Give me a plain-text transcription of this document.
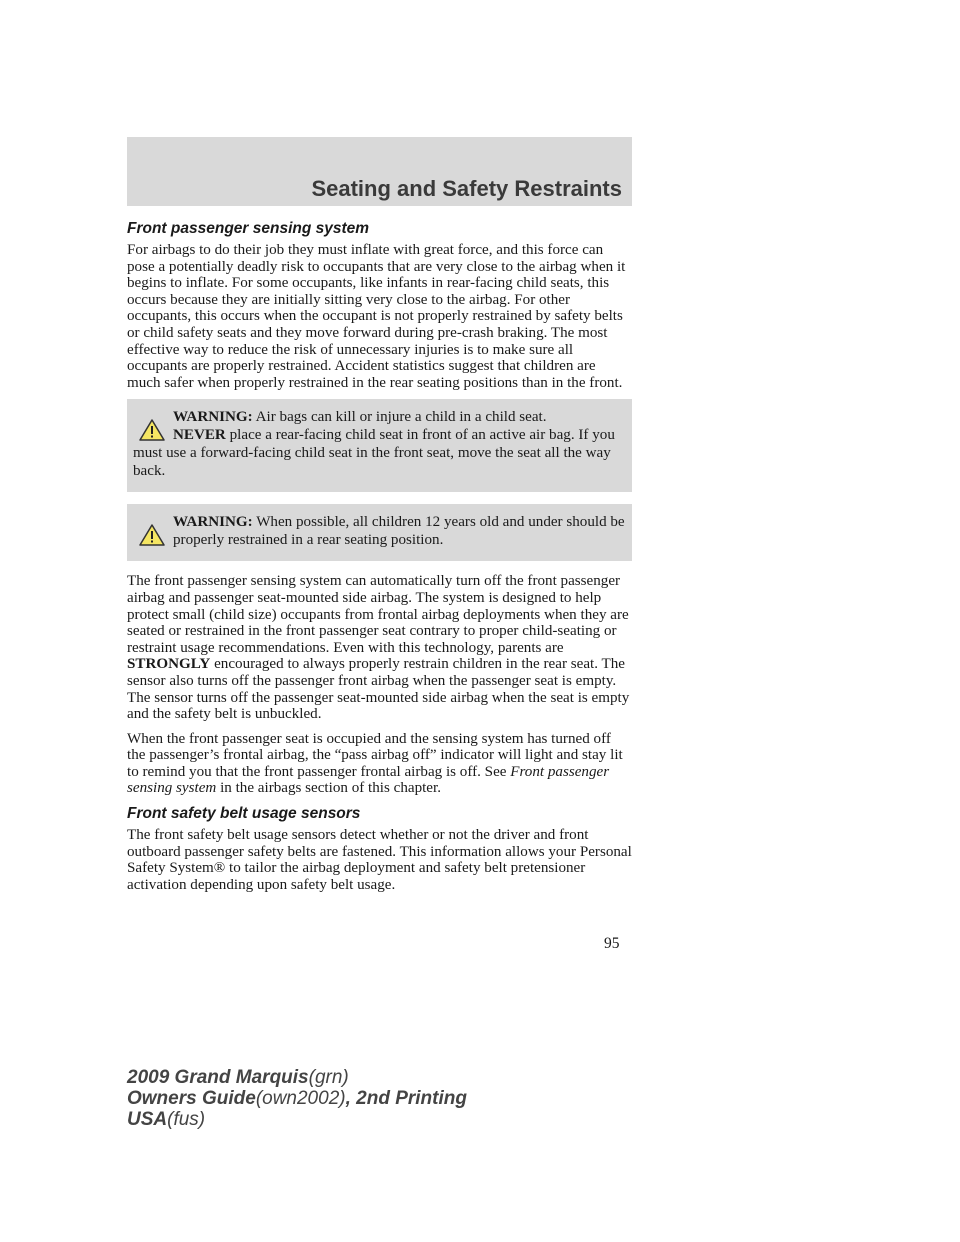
Seating and Safety Restraints
Front passenger sensing system

For airbags to do their job they must inflate with great force, and this force can pose a potentially deadly risk to occupants that are very close to the airbag when it begins to inflate. For some occupants, like infants in rear-facing child seats, this occurs because they are initially sitting very close to the airbag. For other occupants, this occurs when the occupant is not properly restrained by safety belts or child safety seats and they move forward during pre-crash braking. The most effective way to reduce the risk of unnecessary injuries is to make sure all occupants are properly restrained. Accident statistics suggest that children are much safer when properly restrained in the rear seating positions than in the front.

WARNING: Air bags can kill or injure a child in a child seat.
NEVER place a rear-facing child seat in front of an active air bag. If you must use a forward-facing child seat in the front seat, move the seat all the way back.

WARNING: When possible, all children 12 years old and under should be properly restrained in a rear seating position.

The front passenger sensing system can automatically turn off the front passenger airbag and passenger seat-mounted side airbag. The system is designed to help protect small (child size) occupants from frontal airbag deployments when they are seated or restrained in the front passenger seat contrary to proper child-seating or restraint usage recommendations. Even with this technology, parents are STRONGLY encouraged to always properly restrain children in the rear seat. The sensor also turns off the passenger front airbag when the passenger seat is empty. The sensor turns off the passenger seat-mounted side airbag when the seat is empty and the safety belt is unbuckled.

When the front passenger seat is occupied and the sensing system has turned off the passenger’s frontal airbag, the “pass airbag off” indicator will light and stay lit to remind you that the front passenger frontal airbag is off. See Front passenger sensing system in the airbags section of this chapter.

Front safety belt usage sensors

The front safety belt usage sensors detect whether or not the driver and front outboard passenger safety belts are fastened. This information allows your Personal Safety System® to tailor the airbag deployment and safety belt pretensioner activation depending upon safety belt usage.

95
2009 Grand Marquis(grn)
Owners Guide(own2002), 2nd Printing
USA(fus)
